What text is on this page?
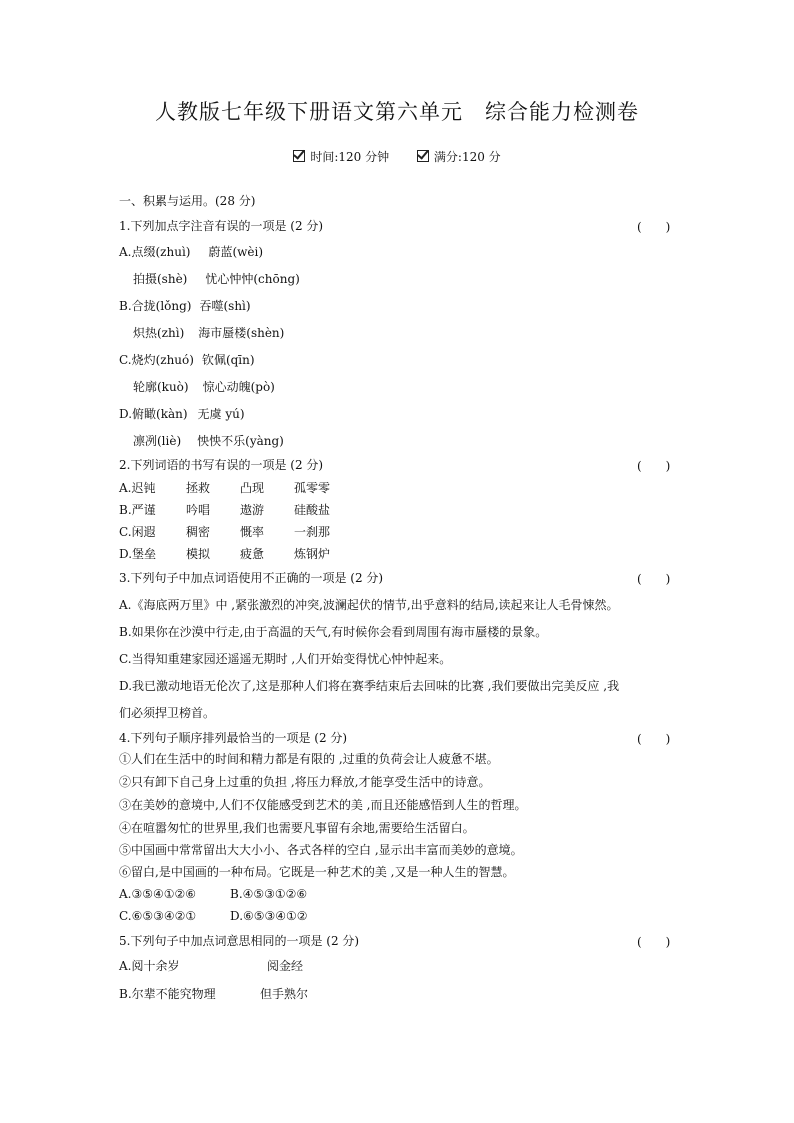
人教版七年级下册语文第六单元　综合能力检测卷
时间:120 分钟	满分:120 分
一、积累与运用。(28 分)
1.下列加点字注音有误的一项是 (2 分)	(　　)
A.点缀(zhuì) 蔚蓝(wèi)
拍摄(shè) 忧心忡忡(chōng)
B.合拢(lǒng) 吞噬(shì)
炽热(zhì) 海市蜃楼(shèn)
C.烧灼(zhuó) 钦佩(qīn)
轮廓(kuò) 惊心动魄(pò)
D.俯瞰(kàn) 无虞 yú)
凛冽(liè) 怏怏不乐(yàng)
2.下列词语的书写有误的一项是 (2 分)	(　　)
A.迟钝	拯救 凸现 孤零零
B.严谨	吟唱 遨游 硅酸盐
C.闲遐	稠密 慨率 一刹那
D.堡垒 模拟 疲惫 炼钢炉
3.下列句子中加点词语使用不正确的一项是 (2 分)	(　　)
A.《海底两万里》中 ,紧张激烈的冲突,波澜起伏的情节,出乎意料的结局,读起来让人毛骨悚然。
B.如果你在沙漠中行走,由于高温的天气,有时候你会看到周围有海市蜃楼的景象。
C.当得知重建家园还遥遥无期时 ,人们开始变得忧心忡忡起来。
D.我已激动地语无伦次了,这是那种人们将在赛季结束后去回味的比赛 ,我们要做出完美反应 ,我
们必须捍卫榜首。
4.下列句子顺序排列最恰当的一项是 (2 分)	(　　)
①人们在生活中的时间和精力都是有限的 ,过重的负荷会让人疲惫不堪。
②只有卸下自己身上过重的负担 ,将压力释放,才能享受生活中的诗意。
③在美妙的意境中,人们不仅能感受到艺术的美 ,而且还能感悟到人生的哲理。
④在喧嚣匆忙的世界里,我们也需要凡事留有余地,需要给生活留白。
⑤中国画中常常留出大大小小、各式各样的空白 ,显示出丰富而美妙的意境。
⑥留白,是中国画的一种布局。它既是一种艺术的美 ,又是一种人生的智慧。
A.③⑤④①②⑥	B.④⑤③①②⑥
C.⑥⑤③④②①	D.⑥⑤③④①②
5.下列句子中加点词意思相同的一项是 (2 分)	(　　)
A.阅十余岁	阅金经
B.尔辈不能究物理	但手熟尔
